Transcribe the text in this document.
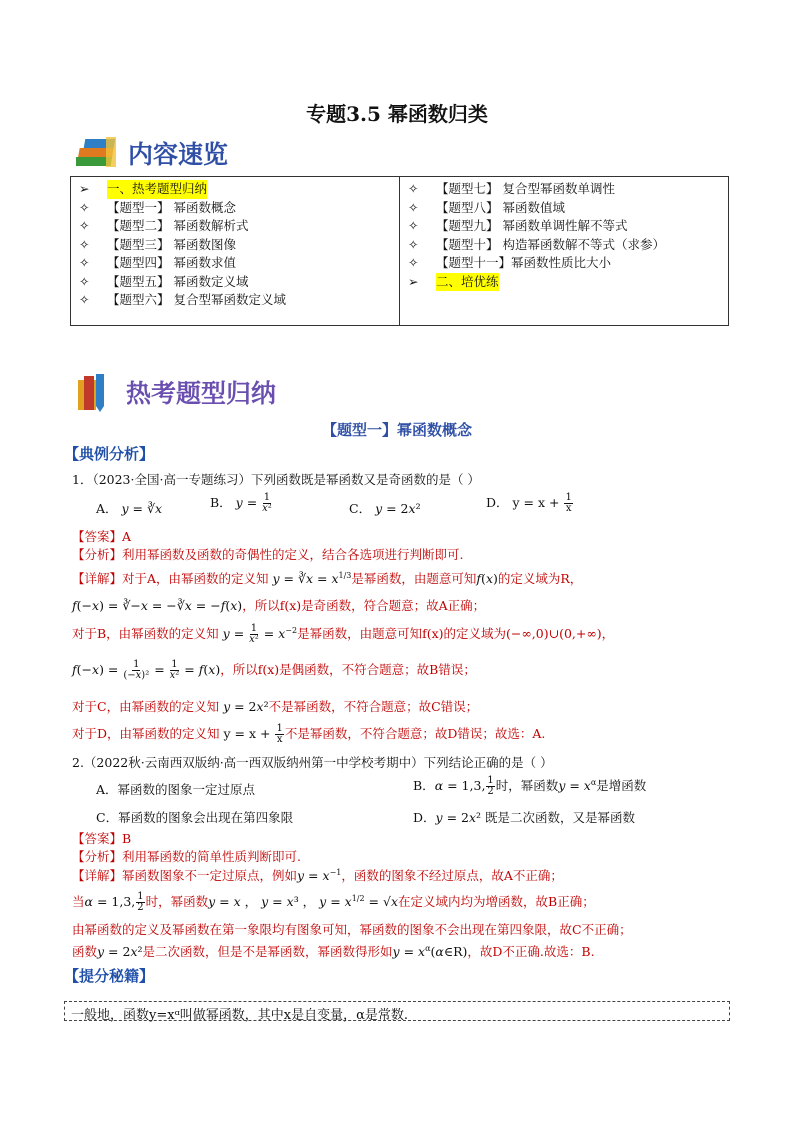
专题3.5 幂函数归类
内容速览
➢	一、热考题型归纳
✧	【题型一】 幂函数概念
✧	【题型二】 幂函数解析式
✧	【题型三】 幂函数图像
✧	【题型四】 幂函数求值
✧	【题型五】 幂函数定义域
✧	【题型六】 复合型幂函数定义域
✧	【题型七】 复合型幂函数单调性
✧	【题型八】 幂函数值域
✧	【题型九】 幂函数单调性解不等式
✧	【题型十】 构造幂函数解不等式（求参）
✧	【题型十一】幂函数性质比大小
➢	二、培优练
热考题型归纳
【题型一】幂函数概念
【典例分析】
1．（2023·全国·高一专题练习）下列函数既是幂函数又是奇函数的是（ ）
A． y = ∛x	B． $y = \frac{1}{\text{x²}}$	C． y = 2x²	D． $y = x + \frac{1}{x}$
【答案】A
【分析】利用幂函数及函数的奇偶性的定义，结合各选项进行判断即可.
【详解】对于A，由幂函数的定义知 y = ∛x = $x^{1/3}$是幂函数，由题意可知f(x)的定义域为R，
f(−x) = ∛−x = −∛x = −f(x)，所以f(x)是奇函数，符合题意；故A正确；
对于B，由幂函数的定义知 $y = \frac{1}{\text{x²}} = x^{-2}$是幂函数，由题意可知f(x)的定义域为(−∞,0)∪(0,+∞)，
$f(-x) = \frac{1}{\text{(−x)²}} = \frac{1}{\text{x²}} = f(x)$，所以f(x)是偶函数，不符合题意；故B错误；
对于C，由幂函数的定义知 y = 2x²不是幂函数，不符合题意；故C错误；
对于D，由幂函数的定义知 $y = x + \frac{1}{x}$ 不是幂函数，不符合题意；故D错误；故选：A.
2.（2022秋·云南西双版纳·高一西双版纳州第一中学校考期中）下列结论正确的是（ ）
A．幂函数的图象一定过原点	B．α = 1,3, $\frac{1}{2}$ 时，幂函数$y = x^\alpha$是增函数
C．幂函数的图象会出现在第四象限	D．y = 2x² 既是二次函数，又是幂函数
【答案】B
【分析】利用幂函数的简单性质判断即可.
【详解】幂函数图象不一定过原点，例如$y = x^{-1}$，函数的图象不经过原点，故A不正确；
当α = 1,3, $\frac{1}{2}$ 时，幂函数y = x ， y = x³ ， $y = x^{1/2} = √x$在定义域内均为增函数，故B正确；
由幂函数的定义及幂函数在第一象限均有图象可知，幂函数的图象不会出现在第四象限，故C不正确；
函数y = 2x²是二次函数，但是不是幂函数，幂函数得形如$y = x^\alpha(\alpha\in R)$，故D不正确.故选：B.
【提分秘籍】
一般地，函数y=xᵅ叫做幂函数，其中x是自变量，α是常数.
